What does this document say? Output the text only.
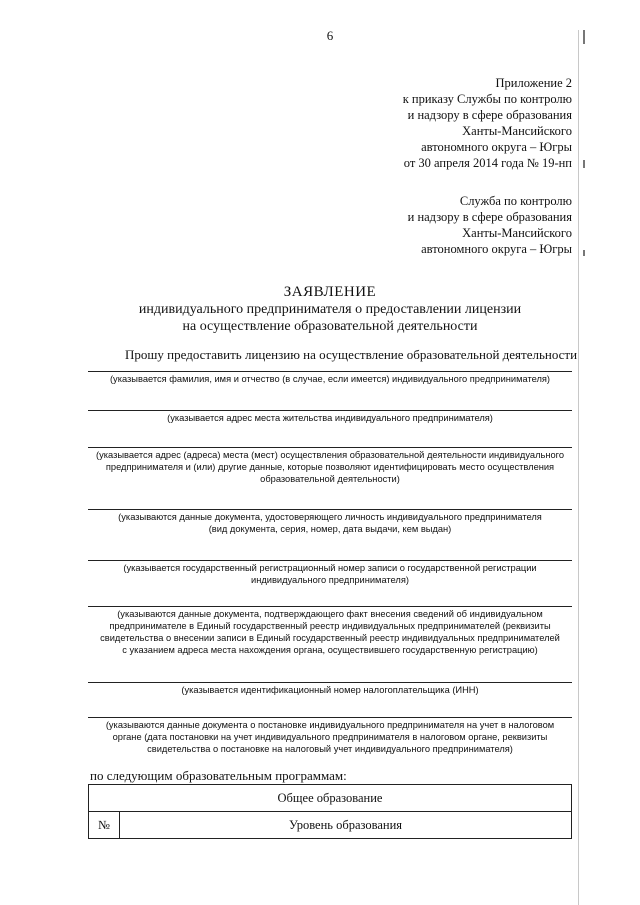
6
Приложение 2
к приказу Службы по контролю
и надзору в сфере образования
Ханты-Мансийского
автономного округа – Югры
от 30 апреля 2014 года № 19-нп
Служба по контролю
и надзору в сфере образования
Ханты-Мансийского
автономного округа – Югры
ЗАЯВЛЕНИЕ
индивидуального предпринимателя о предоставлении лицензии
на осуществление образовательной деятельности
Прошу предоставить лицензию на осуществление образовательной деятельности
(указывается фамилия, имя и отчество (в случае, если имеется) индивидуального предпринимателя)
(указывается адрес места жительства индивидуального предпринимателя)
(указывается адрес (адреса) места (мест) осуществления образовательной деятельности индивидуального
предпринимателя и (или) другие данные, которые позволяют идентифицировать место осуществления
образовательной деятельности)
(указываются данные документа, удостоверяющего личность индивидуального предпринимателя
(вид документа, серия, номер, дата выдачи, кем выдан)
(указывается государственный регистрационный номер записи о государственной регистрации
индивидуального предпринимателя)
(указываются данные документа, подтверждающего факт внесения сведений об индивидуальном
предпринимателе в Единый государственный реестр индивидуальных предпринимателей (реквизиты
свидетельства о внесении записи в Единый государственный реестр индивидуальных предпринимателей
с указанием адреса места нахождения органа, осуществившего государственную регистрацию)
(указывается идентификационный номер налогоплательщика (ИНН)
(указываются данные документа о постановке индивидуального предпринимателя на учет в налоговом
органе (дата постановки на учет индивидуального предпринимателя в налоговом органе, реквизиты
свидетельства о постановке на налоговый учет индивидуального предпринимателя)
по следующим образовательным программам:
Общее образование
№	Уровень образования
